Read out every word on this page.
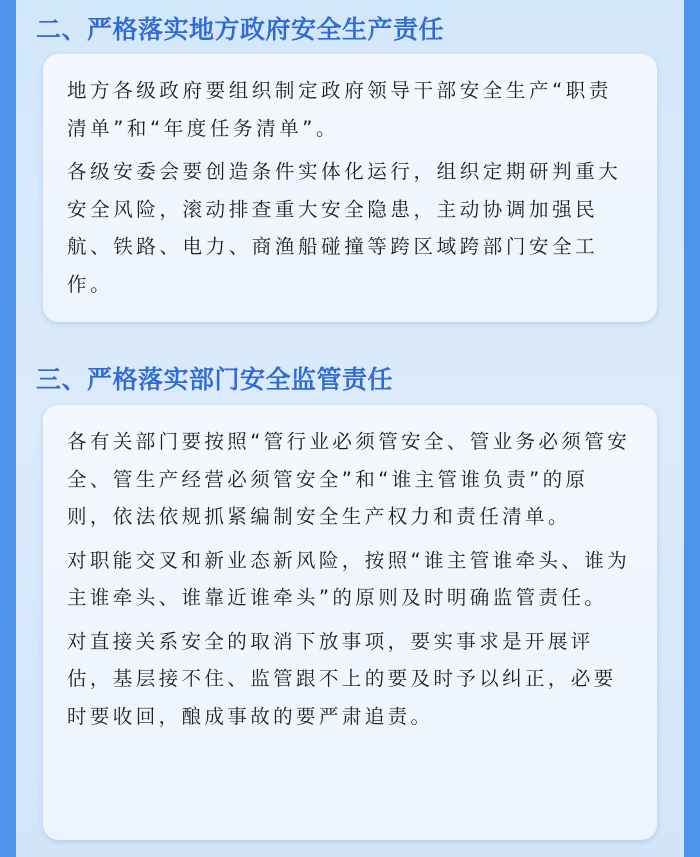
二、严格落实地方政府安全生产责任

地方各级政府要组织制定政府领导干部安全生产“职责清单”和“年度任务清单”。

各级安委会要创造条件实体化运行，组织定期研判重大安全风险，滚动排查重大安全隐患，主动协调加强民航、铁路、电力、商渔船碰撞等跨区域跨部门安全工作。

三、严格落实部门安全监管责任

各有关部门要按照“管行业必须管安全、管业务必须管安全、管生产经营必须管安全”和“谁主管谁负责”的原则，依法依规抓紧编制安全生产权力和责任清单。

对职能交叉和新业态新风险，按照“谁主管谁牵头、谁为主谁牵头、谁靠近谁牵头”的原则及时明确监管责任。

对直接关系安全的取消下放事项，要实事求是开展评估，基层接不住、监管跟不上的要及时予以纠正，必要时要收回，酿成事故的要严肃追责。
